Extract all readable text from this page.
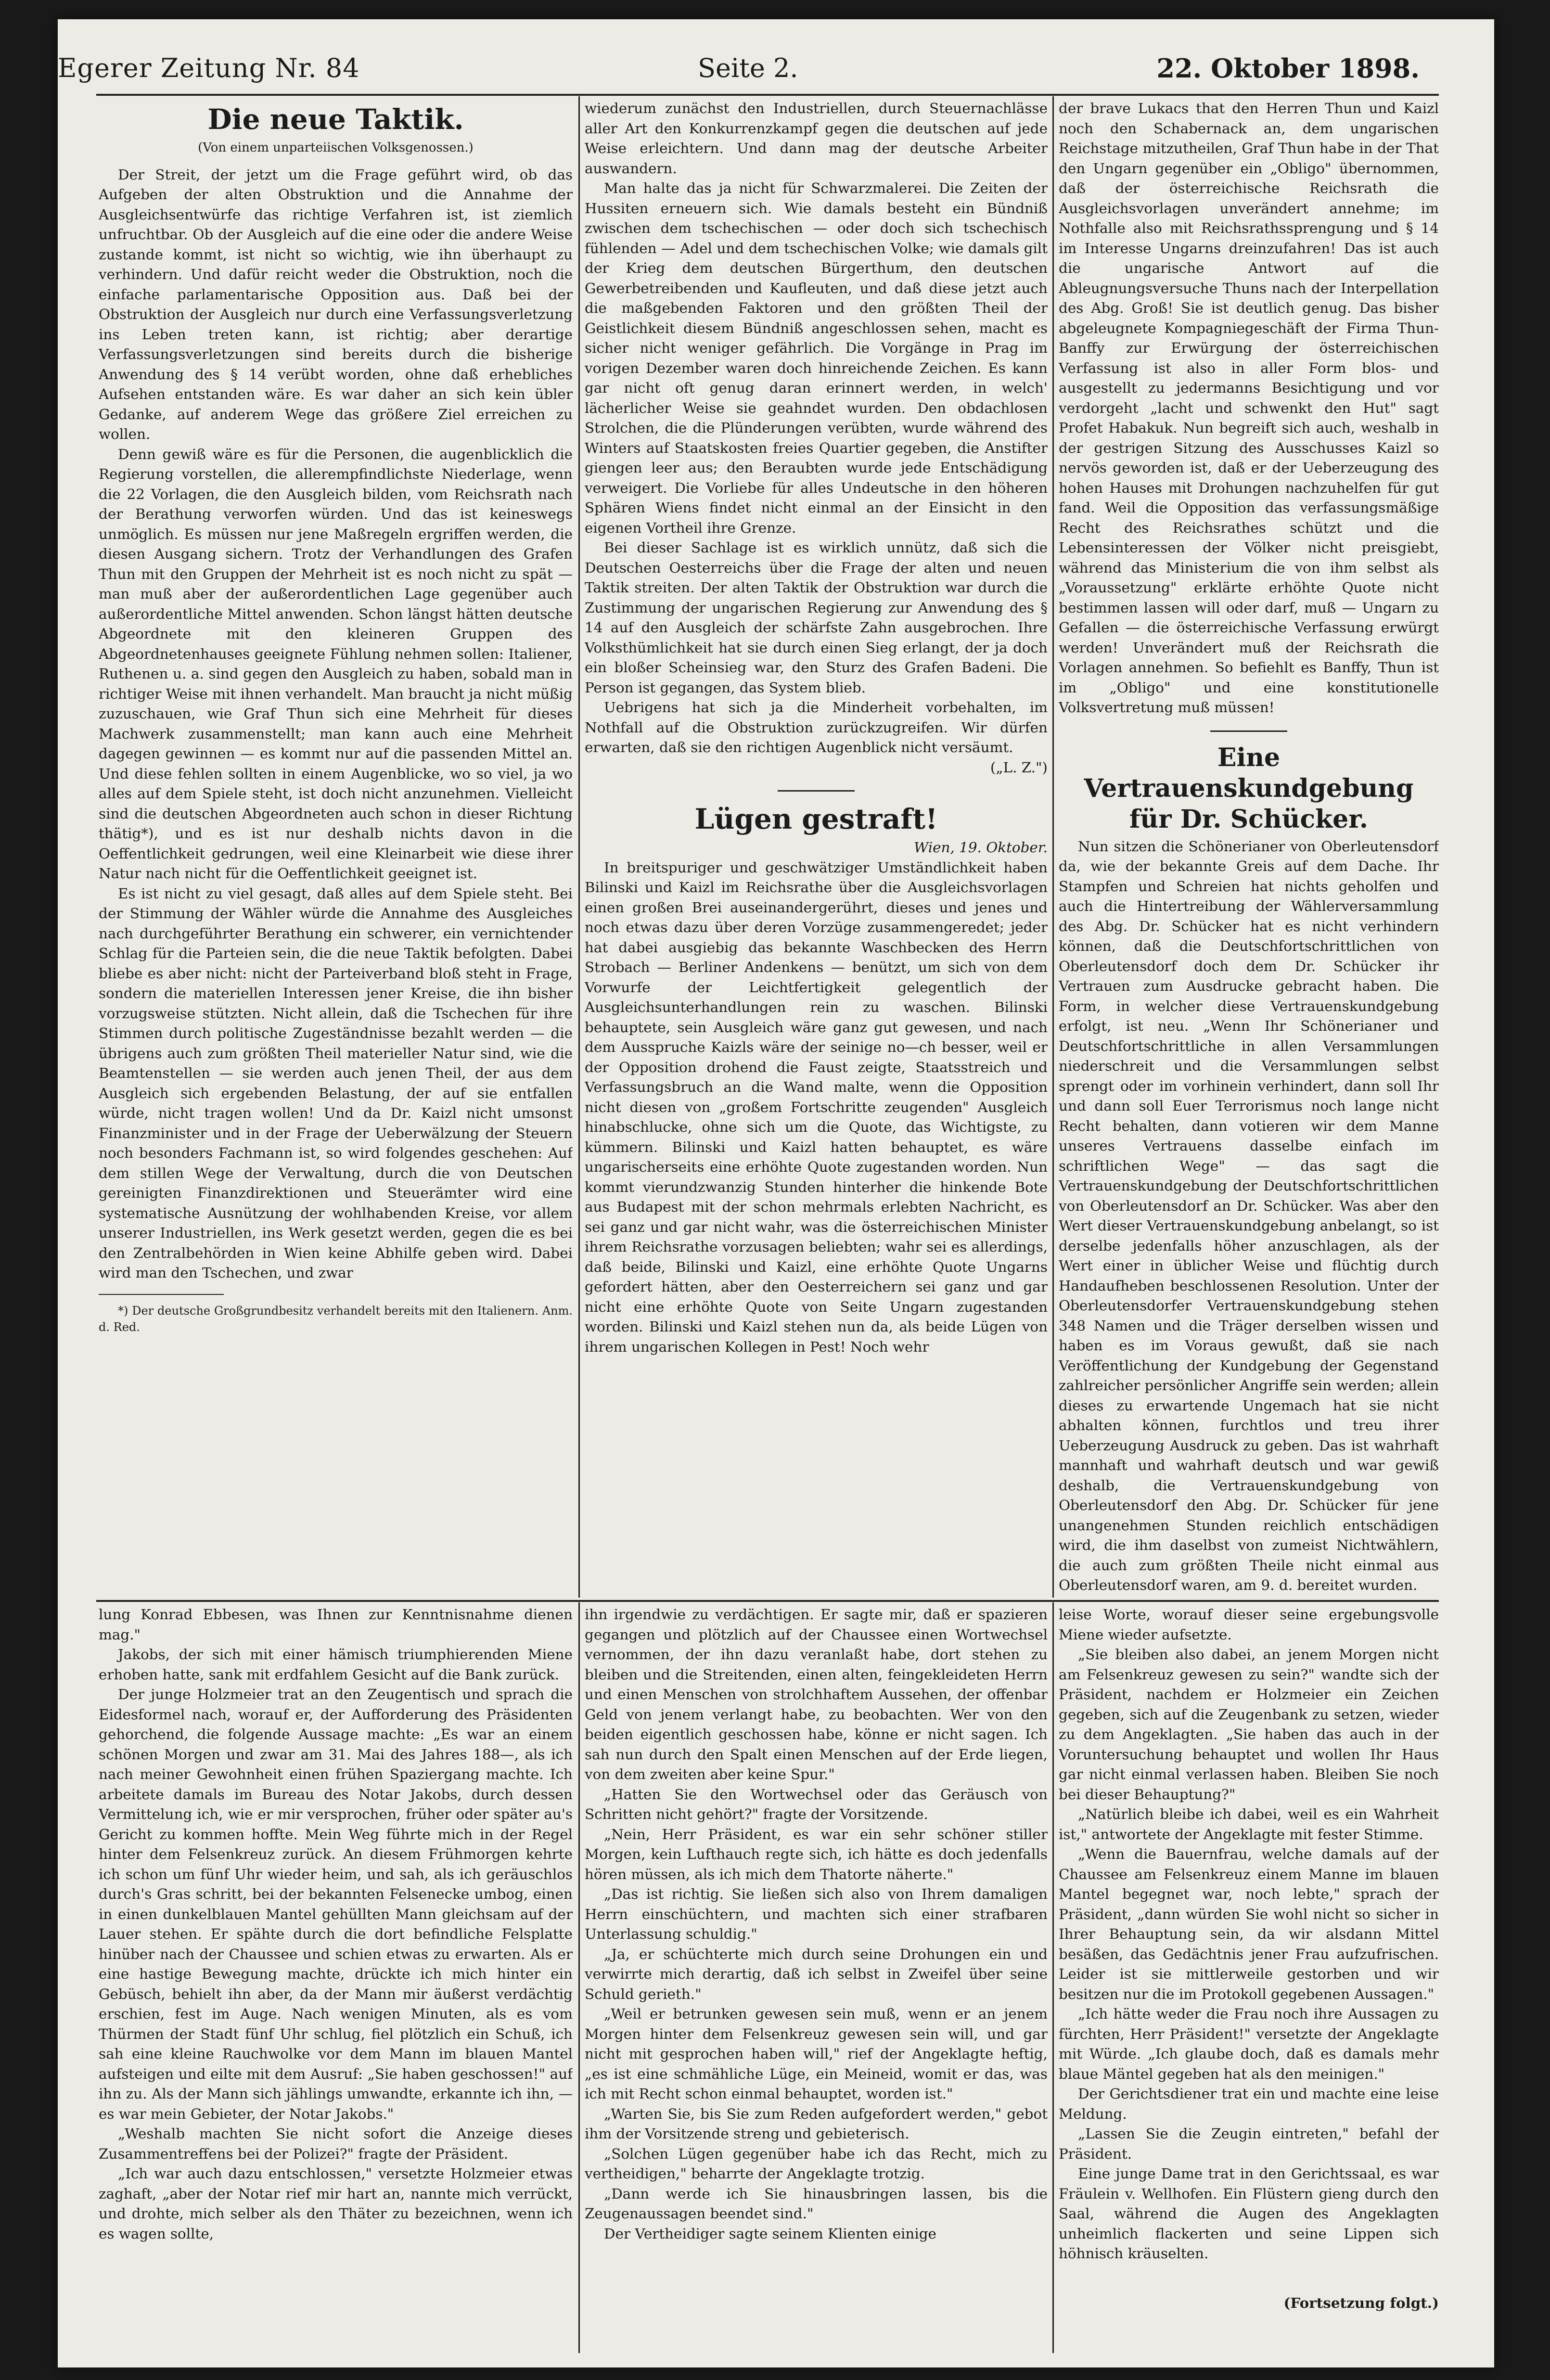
Egerer Zeitung Nr. 84	Seite 2.	22. Oktober 1898.

Die neue Taktik.

(Von einem unparteiischen Volksgenossen.)

Der Streit, der jetzt um die Frage geführt wird, ob das Aufgeben der alten Obstruktion und die Annahme der Ausgleichsentwürfe das richtige Verfahren ist, ist ziemlich unfruchtbar. Ob der Ausgleich auf die eine oder die andere Weise zustande kommt, ist nicht so wichtig, wie ihn überhaupt zu verhindern. Und dafür reicht weder die Obstruktion, noch die einfache parlamentarische Opposition aus. Daß bei der Obstruktion der Ausgleich nur durch eine Verfassungsverletzung ins Leben treten kann, ist richtig; aber derartige Verfassungsverletzungen sind bereits durch die bisherige Anwendung des § 14 verübt worden, ohne daß erhebliches Aufsehen entstanden wäre. Es war daher an sich kein übler Gedanke, auf anderem Wege das größere Ziel erreichen zu wollen.

Denn gewiß wäre es für die Personen, die augenblicklich die Regierung vorstellen, die allerempfindlichste Niederlage, wenn die 22 Vorlagen, die den Ausgleich bilden, vom Reichsrath nach der Berathung verworfen würden. Und das ist keineswegs unmöglich. Es müssen nur jene Maßregeln ergriffen werden, die diesen Ausgang sichern. Trotz der Verhandlungen des Grafen Thun mit den Gruppen der Mehrheit ist es noch nicht zu spät — man muß aber der außerordentlichen Lage gegenüber auch außerordentliche Mittel anwenden. Schon längst hätten deutsche Abgeordnete mit den kleineren Gruppen des Abgeordnetenhauses geeignete Fühlung nehmen sollen: Italiener, Ruthenen u. a. sind gegen den Ausgleich zu haben, sobald man in richtiger Weise mit ihnen verhandelt. Man braucht ja nicht müßig zuzuschauen, wie Graf Thun sich eine Mehrheit für dieses Machwerk zusammenstellt; man kann auch eine Mehrheit dagegen gewinnen — es kommt nur auf die passenden Mittel an. Und diese fehlen sollten in einem Augenblicke, wo so viel, ja wo alles auf dem Spiele steht, ist doch nicht anzunehmen. Vielleicht sind die deutschen Abgeordneten auch schon in dieser Richtung thätig*), und es ist nur deshalb nichts davon in die Oeffentlichkeit gedrungen, weil eine Kleinarbeit wie diese ihrer Natur nach nicht für die Oeffentlichkeit geeignet ist.

Es ist nicht zu viel gesagt, daß alles auf dem Spiele steht. Bei der Stimmung der Wähler würde die Annahme des Ausgleiches nach durchgeführter Berathung ein schwerer, ein vernichtender Schlag für die Parteien sein, die die neue Taktik befolgten. Dabei bliebe es aber nicht: nicht der Parteiverband bloß steht in Frage, sondern die materiellen Interessen jener Kreise, die ihn bisher vorzugsweise stützten. Nicht allein, daß die Tschechen für ihre Stimmen durch politische Zugeständnisse bezahlt werden — die übrigens auch zum größten Theil materieller Natur sind, wie die Beamtenstellen — sie werden auch jenen Theil, der aus dem Ausgleich sich ergebenden Belastung, der auf sie entfallen würde, nicht tragen wollen! Und da Dr. Kaizl nicht umsonst Finanzminister und in der Frage der Ueberwälzung der Steuern noch besonders Fachmann ist, so wird folgendes geschehen: Auf dem stillen Wege der Verwaltung, durch die von Deutschen gereinigten Finanzdirektionen und Steuerämter wird eine systematische Ausnützung der wohlhabenden Kreise, vor allem unserer Industriellen, ins Werk gesetzt werden, gegen die es bei den Zentralbehörden in Wien keine Abhilfe geben wird. Dabei wird man den Tschechen, und zwar

*) Der deutsche Großgrundbesitz verhandelt bereits mit den Italienern. Anm. d. Red.

wiederum zunächst den Industriellen, durch Steuernachlässe aller Art den Konkurrenzkampf gegen die deutschen auf jede Weise erleichtern. Und dann mag der deutsche Arbeiter auswandern.

Man halte das ja nicht für Schwarzmalerei. Die Zeiten der Hussiten erneuern sich. Wie damals besteht ein Bündniß zwischen dem tschechischen — oder doch sich tschechisch fühlenden — Adel und dem tschechischen Volke; wie damals gilt der Krieg dem deutschen Bürgerthum, den deutschen Gewerbetreibenden und Kaufleuten, und daß diese jetzt auch die maßgebenden Faktoren und den größten Theil der Geistlichkeit diesem Bündniß angeschlossen sehen, macht es sicher nicht weniger gefährlich. Die Vorgänge in Prag im vorigen Dezember waren doch hinreichende Zeichen. Es kann gar nicht oft genug daran erinnert werden, in welch' lächerlicher Weise sie geahndet wurden. Den obdachlosen Strolchen, die die Plünderungen verübten, wurde während des Winters auf Staatskosten freies Quartier gegeben, die Anstifter giengen leer aus; den Beraubten wurde jede Entschädigung verweigert. Die Vorliebe für alles Undeutsche in den höheren Sphären Wiens findet nicht einmal an der Einsicht in den eigenen Vortheil ihre Grenze.

Bei dieser Sachlage ist es wirklich unnütz, daß sich die Deutschen Oesterreichs über die Frage der alten und neuen Taktik streiten. Der alten Taktik der Obstruktion war durch die Zustimmung der ungarischen Regierung zur Anwendung des § 14 auf den Ausgleich der schärfste Zahn ausgebrochen. Ihre Volksthümlichkeit hat sie durch einen Sieg erlangt, der ja doch ein bloßer Scheinsieg war, den Sturz des Grafen Badeni. Die Person ist gegangen, das System blieb.

Uebrigens hat sich ja die Minderheit vorbehalten, im Nothfall auf die Obstruktion zurückzugreifen. Wir dürfen erwarten, daß sie den richtigen Augenblick nicht versäumt.

(„L. Z.")

Lügen gestraft!

Wien, 19. Oktober.

In breitspuriger und geschwätziger Umständlichkeit haben Bilinski und Kaizl im Reichsrathe über die Ausgleichsvorlagen einen großen Brei auseinandergerührt, dieses und jenes und noch etwas dazu über deren Vorzüge zusammengeredet; jeder hat dabei ausgiebig das bekannte Waschbecken des Herrn Strobach — Berliner Andenkens — benützt, um sich von dem Vorwurfe der Leichtfertigkeit gelegentlich der Ausgleichsunterhandlungen rein zu waschen. Bilinski behauptete, sein Ausgleich wäre ganz gut gewesen, und nach dem Ausspruche Kaizls wäre der seinige no—ch besser, weil er der Opposition drohend die Faust zeigte, Staatsstreich und Verfassungsbruch an die Wand malte, wenn die Opposition nicht diesen von „großem Fortschritte zeugenden" Ausgleich hinabschlucke, ohne sich um die Quote, das Wichtigste, zu kümmern. Bilinski und Kaizl hatten behauptet, es wäre ungarischerseits eine erhöhte Quote zugestanden worden. Nun kommt vierundzwanzig Stunden hinterher die hinkende Bote aus Budapest mit der schon mehrmals erlebten Nachricht, es sei ganz und gar nicht wahr, was die österreichischen Minister ihrem Reichsrathe vorzusagen beliebten; wahr sei es allerdings, daß beide, Bilinski und Kaizl, eine erhöhte Quote Ungarns gefordert hätten, aber den Oesterreichern sei ganz und gar nicht eine erhöhte Quote von Seite Ungarn zugestanden worden. Bilinski und Kaizl stehen nun da, als beide Lügen von ihrem ungarischen Kollegen in Pest! Noch wehr

der brave Lukacs that den Herren Thun und Kaizl noch den Schabernack an, dem ungarischen Reichstage mitzutheilen, Graf Thun habe in der That den Ungarn gegenüber ein „Obligo" übernommen, daß der österreichische Reichsrath die Ausgleichsvorlagen unverändert annehme; im Nothfalle also mit Reichsrathssprengung und § 14 im Interesse Ungarns dreinzufahren! Das ist auch die ungarische Antwort auf die Ableugnungsversuche Thuns nach der Interpellation des Abg. Groß! Sie ist deutlich genug. Das bisher abgeleugnete Kompagniegeschäft der Firma Thun-Banffy zur Erwürgung der österreichischen Verfassung ist also in aller Form blos- und ausgestellt zu jedermanns Besichtigung und vor verdorgeht „lacht und schwenkt den Hut" sagt Profet Habakuk. Nun begreift sich auch, weshalb in der gestrigen Sitzung des Ausschusses Kaizl so nervös geworden ist, daß er der Ueberzeugung des hohen Hauses mit Drohungen nachzuhelfen für gut fand. Weil die Opposition das verfassungsmäßige Recht des Reichsrathes schützt und die Lebensinteressen der Völker nicht preisgiebt, während das Ministerium die von ihm selbst als „Voraussetzung" erklärte erhöhte Quote nicht bestimmen lassen will oder darf, muß — Ungarn zu Gefallen — die österreichische Verfassung erwürgt werden! Unverändert muß der Reichsrath die Vorlagen annehmen. So befiehlt es Banffy, Thun ist im „Obligo" und eine konstitutionelle Volksvertretung muß müssen!

Eine Vertrauenskundgebung für Dr. Schücker.

Nun sitzen die Schönerianer von Oberleutensdorf da, wie der bekannte Greis auf dem Dache. Ihr Stampfen und Schreien hat nichts geholfen und auch die Hintertreibung der Wählerversammlung des Abg. Dr. Schücker hat es nicht verhindern können, daß die Deutschfortschrittlichen von Oberleutensdorf doch dem Dr. Schücker ihr Vertrauen zum Ausdrucke gebracht haben. Die Form, in welcher diese Vertrauenskundgebung erfolgt, ist neu. „Wenn Ihr Schönerianer und Deutschfortschrittliche in allen Versammlungen niederschreit und die Versammlungen selbst sprengt oder im vorhinein verhindert, dann soll Ihr und dann soll Euer Terrorismus noch lange nicht Recht behalten, dann votieren wir dem Manne unseres Vertrauens dasselbe einfach im schriftlichen Wege" — das sagt die Vertrauenskundgebung der Deutschfortschrittlichen von Oberleutensdorf an Dr. Schücker. Was aber den Wert dieser Vertrauenskundgebung anbelangt, so ist derselbe jedenfalls höher anzuschlagen, als der Wert einer in üblicher Weise und flüchtig durch Handaufheben beschlossenen Resolution. Unter der Oberleutensdorfer Vertrauenskundgebung stehen 348 Namen und die Träger derselben wissen und haben es im Voraus gewußt, daß sie nach Veröffentlichung der Kundgebung der Gegenstand zahlreicher persönlicher Angriffe sein werden; allein dieses zu erwartende Ungemach hat sie nicht abhalten können, furchtlos und treu ihrer Ueberzeugung Ausdruck zu geben. Das ist wahrhaft mannhaft und wahrhaft deutsch und war gewiß deshalb, die Vertrauenskundgebung von Oberleutensdorf den Abg. Dr. Schücker für jene unangenehmen Stunden reichlich entschädigen wird, die ihm daselbst von zumeist Nichtwählern, die auch zum größten Theile nicht einmal aus Oberleutensdorf waren, am 9. d. bereitet wurden.

lung Konrad Ebbesen, was Ihnen zur Kenntnisnahme dienen mag."

Jakobs, der sich mit einer hämisch triumphierenden Miene erhoben hatte, sank mit erdfahlem Gesicht auf die Bank zurück.

Der junge Holzmeier trat an den Zeugentisch und sprach die Eidesformel nach, worauf er, der Aufforderung des Präsidenten gehorchend, die folgende Aussage machte: „Es war an einem schönen Morgen und zwar am 31. Mai des Jahres 188—, als ich nach meiner Gewohnheit einen frühen Spaziergang machte. Ich arbeitete damals im Bureau des Notar Jakobs, durch dessen Vermittelung ich, wie er mir versprochen, früher oder später au's Gericht zu kommen hoffte. Mein Weg führte mich in der Regel hinter dem Felsenkreuz zurück. An diesem Frühmorgen kehrte ich schon um fünf Uhr wieder heim, und sah, als ich geräuschlos durch's Gras schritt, bei der bekannten Felsenecke umbog, einen in einen dunkelblauen Mantel gehüllten Mann gleichsam auf der Lauer stehen. Er spähte durch die dort befindliche Felsplatte hinüber nach der Chaussee und schien etwas zu erwarten. Als er eine hastige Bewegung machte, drückte ich mich hinter ein Gebüsch, behielt ihn aber, da der Mann mir äußerst verdächtig erschien, fest im Auge. Nach wenigen Minuten, als es vom Thürmen der Stadt fünf Uhr schlug, fiel plötzlich ein Schuß, ich sah eine kleine Rauchwolke vor dem Mann im blauen Mantel aufsteigen und eilte mit dem Ausruf: „Sie haben geschossen!" auf ihn zu. Als der Mann sich jählings umwandte, erkannte ich ihn, — es war mein Gebieter, der Notar Jakobs."

„Weshalb machten Sie nicht sofort die Anzeige dieses Zusammentreffens bei der Polizei?" fragte der Präsident.

„Ich war auch dazu entschlossen," versetzte Holzmeier etwas zaghaft, „aber der Notar rief mir hart an, nannte mich verrückt, und drohte, mich selber als den Thäter zu bezeichnen, wenn ich es wagen sollte,

ihn irgendwie zu verdächtigen. Er sagte mir, daß er spazieren gegangen und plötzlich auf der Chaussee einen Wortwechsel vernommen, der ihn dazu veranlaßt habe, dort stehen zu bleiben und die Streitenden, einen alten, feingekleideten Herrn und einen Menschen von strolchhaftem Aussehen, der offenbar Geld von jenem verlangt habe, zu beobachten. Wer von den beiden eigentlich geschossen habe, könne er nicht sagen. Ich sah nun durch den Spalt einen Menschen auf der Erde liegen, von dem zweiten aber keine Spur."

„Hatten Sie den Wortwechsel oder das Geräusch von Schritten nicht gehört?" fragte der Vorsitzende.

„Nein, Herr Präsident, es war ein sehr schöner stiller Morgen, kein Lufthauch regte sich, ich hätte es doch jedenfalls hören müssen, als ich mich dem Thatorte näherte."

„Das ist richtig. Sie ließen sich also von Ihrem damaligen Herrn einschüchtern, und machten sich einer strafbaren Unterlassung schuldig."

„Ja, er schüchterte mich durch seine Drohungen ein und verwirrte mich derartig, daß ich selbst in Zweifel über seine Schuld gerieth."

„Weil er betrunken gewesen sein muß, wenn er an jenem Morgen hinter dem Felsenkreuz gewesen sein will, und gar nicht mit gesprochen haben will," rief der Angeklagte heftig, „es ist eine schmähliche Lüge, ein Meineid, womit er das, was ich mit Recht schon einmal behauptet, worden ist."

„Warten Sie, bis Sie zum Reden aufgefordert werden," gebot ihm der Vorsitzende streng und gebieterisch.

„Solchen Lügen gegenüber habe ich das Recht, mich zu vertheidigen," beharrte der Angeklagte trotzig.

„Dann werde ich Sie hinausbringen lassen, bis die Zeugenaussagen beendet sind."

Der Vertheidiger sagte seinem Klienten einige

leise Worte, worauf dieser seine ergebungsvolle Miene wieder aufsetzte.

„Sie bleiben also dabei, an jenem Morgen nicht am Felsenkreuz gewesen zu sein?" wandte sich der Präsident, nachdem er Holzmeier ein Zeichen gegeben, sich auf die Zeugenbank zu setzen, wieder zu dem Angeklagten. „Sie haben das auch in der Voruntersuchung behauptet und wollen Ihr Haus gar nicht einmal verlassen haben. Bleiben Sie noch bei dieser Behauptung?"

„Natürlich bleibe ich dabei, weil es ein Wahrheit ist," antwortete der Angeklagte mit fester Stimme.

„Wenn die Bauernfrau, welche damals auf der Chaussee am Felsenkreuz einem Manne im blauen Mantel begegnet war, noch lebte," sprach der Präsident, „dann würden Sie wohl nicht so sicher in Ihrer Behauptung sein, da wir alsdann Mittel besäßen, das Gedächtnis jener Frau aufzufrischen. Leider ist sie mittlerweile gestorben und wir besitzen nur die im Protokoll gegebenen Aussagen."

„Ich hätte weder die Frau noch ihre Aussagen zu fürchten, Herr Präsident!" versetzte der Angeklagte mit Würde. „Ich glaube doch, daß es damals mehr blaue Mäntel gegeben hat als den meinigen."

Der Gerichtsdiener trat ein und machte eine leise Meldung.

„Lassen Sie die Zeugin eintreten," befahl der Präsident.

Eine junge Dame trat in den Gerichtssaal, es war Fräulein v. Wellhofen. Ein Flüstern gieng durch den Saal, während die Augen des Angeklagten unheimlich flackerten und seine Lippen sich höhnisch kräuselten.

(Fortsetzung folgt.)
